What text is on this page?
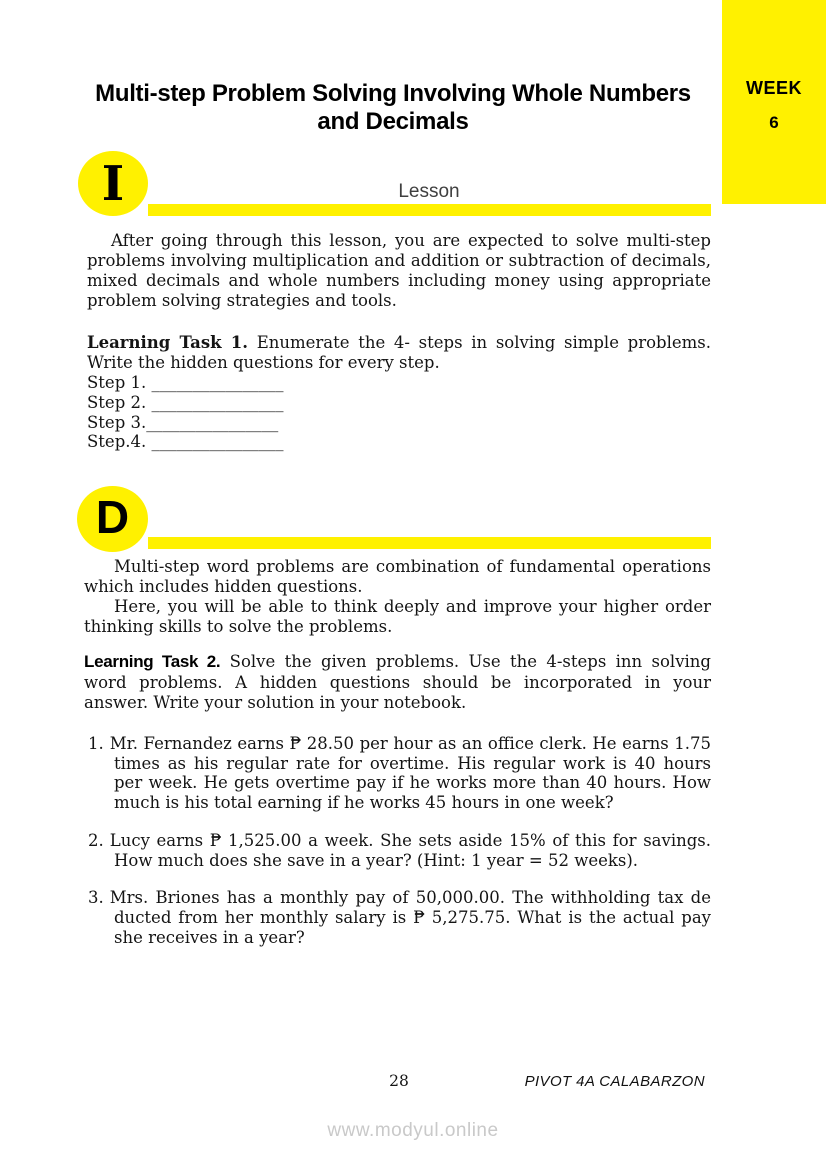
WEEK
6
Multi-step Problem Solving Involving Whole Numbers
and Decimals
I	Lesson
After going through this lesson, you are expected to solve multi-step problems involving multiplication and addition or subtraction of decimals, mixed decimals and whole numbers including money using appropriate problem solving strategies and tools.
Learning Task 1. Enumerate the 4- steps in solving simple problems. Write the hidden questions for every step.
Step 1. ________________
Step 2. ________________
Step 3.________________
Step.4. ________________
D

Multi-step word problems are combination of fundamental operations which includes hidden questions.

Here, you will be able to think deeply and improve your higher order thinking skills to solve the problems.

Learning Task 2. Solve the given problems. Use the 4-steps inn solving word problems. A hidden questions should be incorporated in your answer. Write your solution in your notebook.

1. Mr. Fernandez earns ₱ 28.50 per hour as an office clerk. He earns 1.75 times as his regular rate for overtime. His regular work is 40 hours per week. He gets overtime pay if he works more than 40 hours. How much is his total earning if he works 45 hours in one week?

2. Lucy earns ₱ 1,525.00 a week. She sets aside 15% of this for savings. How much does she save in a year? (Hint: 1 year = 52 weeks).

3. Mrs. Briones has a monthly pay of 50,000.00. The withholding tax de ducted from her monthly salary is ₱ 5,275.75. What is the actual pay she receives in a year?

28	PIVOT 4A CALABARZON
www.modyul.online
